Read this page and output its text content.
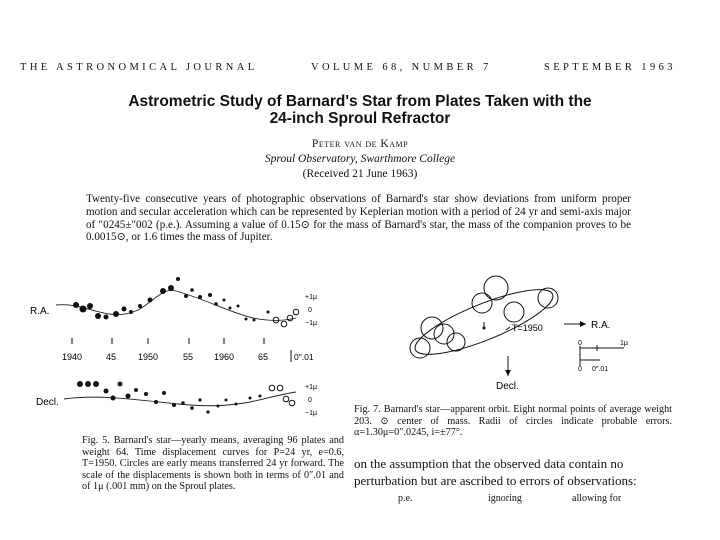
THE ASTRONOMICAL JOURNAL	VOLUME 68, NUMBER 7	SEPTEMBER 1963
Astrometric Study of Barnard's Star from Plates Taken with the
24-inch Sproul Refractor
Peter van de Kamp
Sproul Observatory, Swarthmore College
(Received 21 June 1963)
Twenty-five consecutive years of photographic observations of Barnard's star show deviations from uniform proper motion and secular acceleration which can be represented by Keplerian motion with a period of 24 yr and semi-axis major of ″0245±″002 (p.e.). Assuming a value of 0.15⊙ for the mass of Barnard's star, the mass of the companion proves to be 0.0015⊙, or 1.6 times the mass of Jupiter.
R.A.
+1μ
0
−1μ
1940	45 1950	55 1960	65	0″.01
Decl.
+1μ
0
−1μ
Fig. 5. Barnard's star—yearly means, averaging 96 plates and weight 64. Time displacement curves for P=24 yr, e=0.6, T=1950. Circles are early means transferred 24 yr forward. The scale of the displacements is shown both in terms of 0″.01 and of 1μ (.001 mm) on the Sproul plates.
T=1950	R.A.
Decl.
0	1μ
0 0″.01
Fig. 7. Barnard's star—apparent orbit. Eight normal points of average weight 203. ⊙ center of mass. Radii of circles indicate probable errors. α=1.30μ=0″.0245, i=±77°.
on the assumption that the observed data contain no
perturbation but are ascribed to errors of observations:
p.e.	ignoring	allowing for
